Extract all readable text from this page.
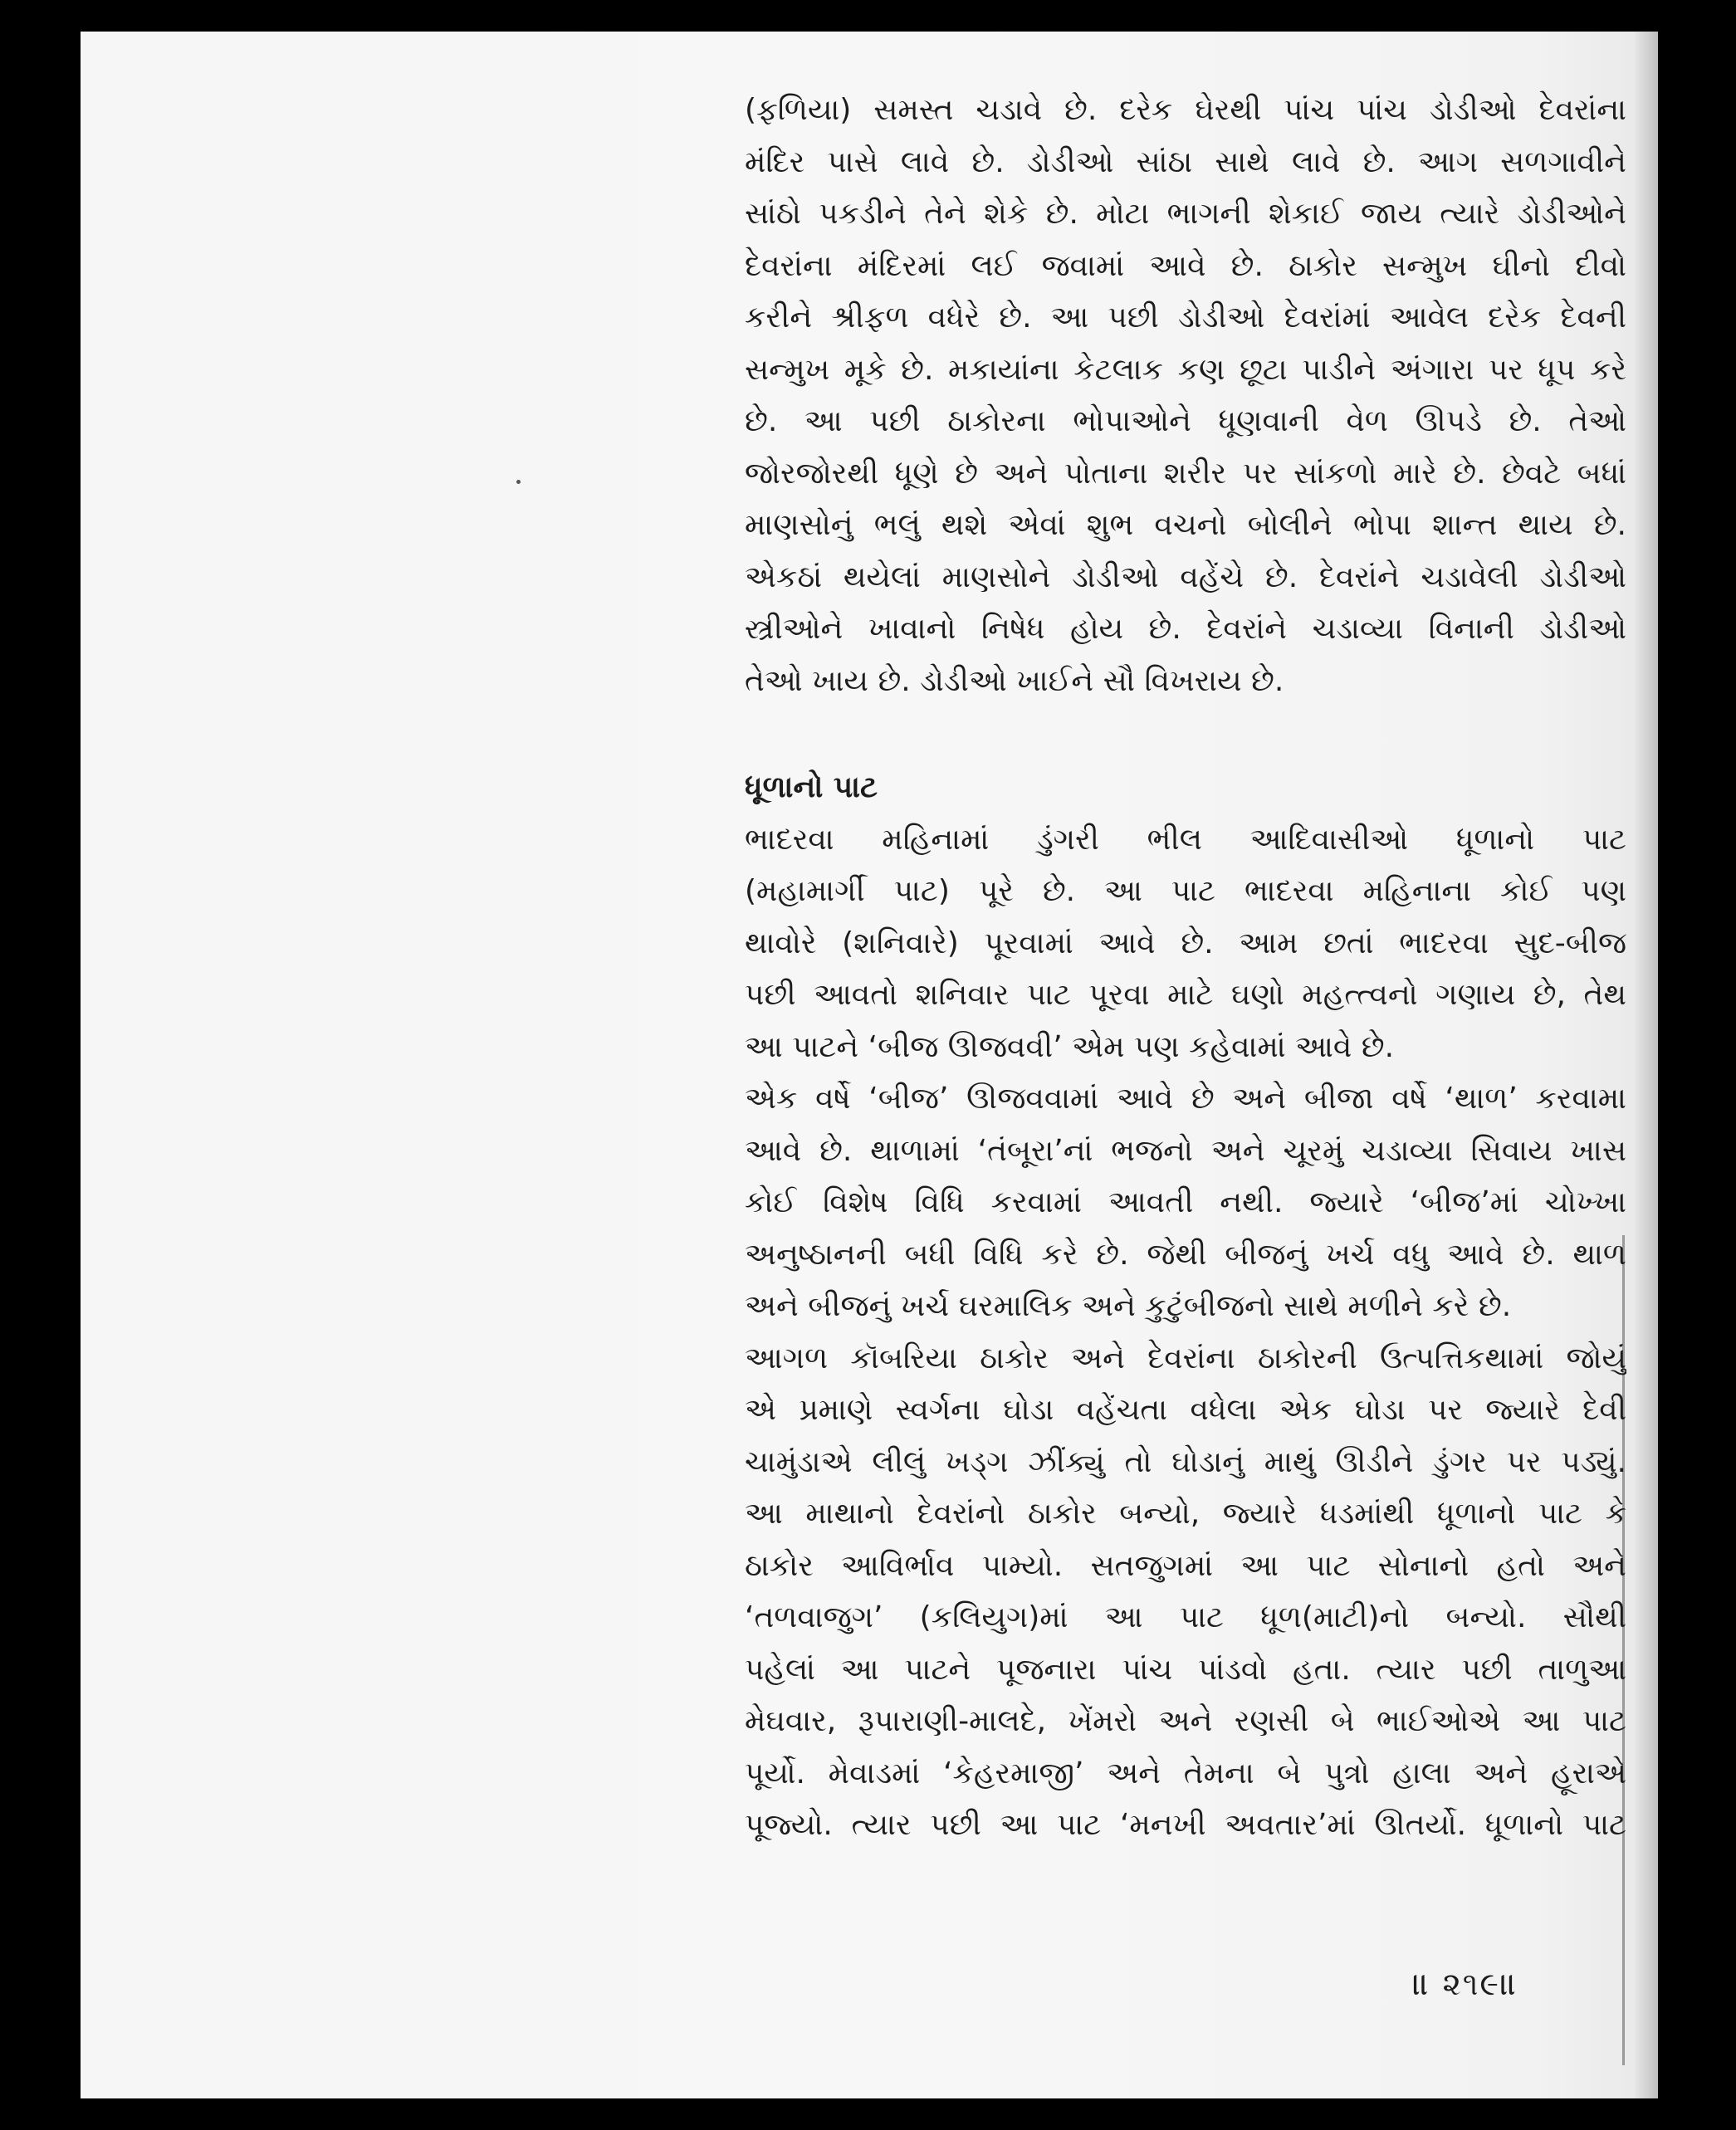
(ફળિયા) સમસ્ત ચડાવે છે. દરેક ઘેરથી પાંચ પાંચ ડોડીઓ દેવરાંના
મંદિર પાસે લાવે છે. ડોડીઓ સાંઠા સાથે લાવે છે. આગ સળગાવીને
સાંઠો પકડીને તેને શેકે છે. મોટા ભાગની શેકાઈ જાય ત્યારે ડોડીઓને
દેવરાંના મંદિરમાં લઈ જવામાં આવે છે. ઠાકોર સન્મુખ ઘીનો દીવો
કરીને શ્રીફળ વધેરે છે. આ પછી ડોડીઓ દેવરાંમાં આવેલ દરેક દેવની
સન્મુખ મૂકે છે. મકાયાંના કેટલાક કણ છૂટા પાડીને અંગારા પર ધૂપ કરે
છે. આ પછી ઠાકોરના ભોપાઓને ધૂણવાની વેળ ઊપડે છે. તેઓ
જોરજોરથી ધૂણે છે અને પોતાના શરીર પર સાંકળો મારે છે. છેવટે બધાં
માણસોનું ભલું થશે એવાં શુભ વચનો બોલીને ભોપા શાન્ત થાય છે.
એકઠાં થયેલાં માણસોને ડોડીઓ વહેંચે છે. દેવરાંને ચડાવેલી ડોડીઓ
સ્ત્રીઓને ખાવાનો નિષેધ હોય છે. દેવરાંને ચડાવ્યા વિનાની ડોડીઓ
તેઓ ખાય છે. ડોડીઓ ખાઈને સૌ વિખરાય છે.
ધૂળાનો પાટ
ભાદરવા મહિનામાં ડુંગરી ભીલ આદિવાસીઓ ધૂળાનો પાટ
(મહામાર્ગી પાટ) પૂરે છે. આ પાટ ભાદરવા મહિનાના કોઈ પણ
થાવોરે (શનિવારે) પૂરવામાં આવે છે. આમ છતાં ભાદરવા સુદ-બીજ
પછી આવતો શનિવાર પાટ પૂરવા માટે ઘણો મહત્ત્વનો ગણાય છે, તેથ
આ પાટને ‘બીજ ઊજવવી’ એમ પણ કહેવામાં આવે છે.
એક વર્ષે ‘બીજ’ ઊજવવામાં આવે છે અને બીજા વર્ષે ‘થાળ’ કરવામા
આવે છે. થાળામાં ‘તંબૂરા’નાં ભજનો અને ચૂરમું ચડાવ્યા સિવાય ખાસ
કોઈ વિશેષ વિધિ કરવામાં આવતી નથી. જ્યારે ‘બીજ’માં ચોખ્ખા
અનુષ્ઠાનની બધી વિધિ કરે છે. જેથી બીજનું ખર્ચ વધુ આવે છે. થાળ
અને બીજનું ખર્ચ ઘરમાલિક અને કુટુંબીજનો સાથે મળીને કરે છે.
આગળ કૉબરિયા ઠાકોર અને દેવરાંના ઠાકોરની ઉત્પત્તિકથામાં જોયું
એ પ્રમાણે સ્વર્ગના ઘોડા વહેંચતા વધેલા એક ઘોડા પર જ્યારે દેવી
ચામુંડાએ લીલું ખડ્ગ ઝીંક્યું તો ઘોડાનું માથું ઊડીને ડુંગર પર પડ્યું.
આ માથાનો દેવરાંનો ઠાકોર બન્યો, જ્યારે ધડમાંથી ધૂળાનો પાટ કે
ઠાકોર આવિર્ભાવ પામ્યો. સતજુગમાં આ પાટ સોનાનો હતો અને
‘તળવાજુગ’ (કલિયુગ)માં આ પાટ ધૂળ(માટી)નો બન્યો. સૌથી
પહેલાં આ પાટને પૂજનારા પાંચ પાંડવો હતા. ત્યાર પછી તાળુઆ
મેઘવાર, રૂપારાણી-માલદે, ખેંમરો અને રણસી બે ભાઈઓએ આ પાટ
પૂર્યો. મેવાડમાં ‘કેહરમાજી’ અને તેમના બે પુત્રો હાલા અને હૂરાએ
પૂજ્યો. ત્યાર પછી આ પાટ ‘મનખી અવતાર’માં ઊતર્યો. ધૂળાનો પાટ
॥ ૨૧૯॥
